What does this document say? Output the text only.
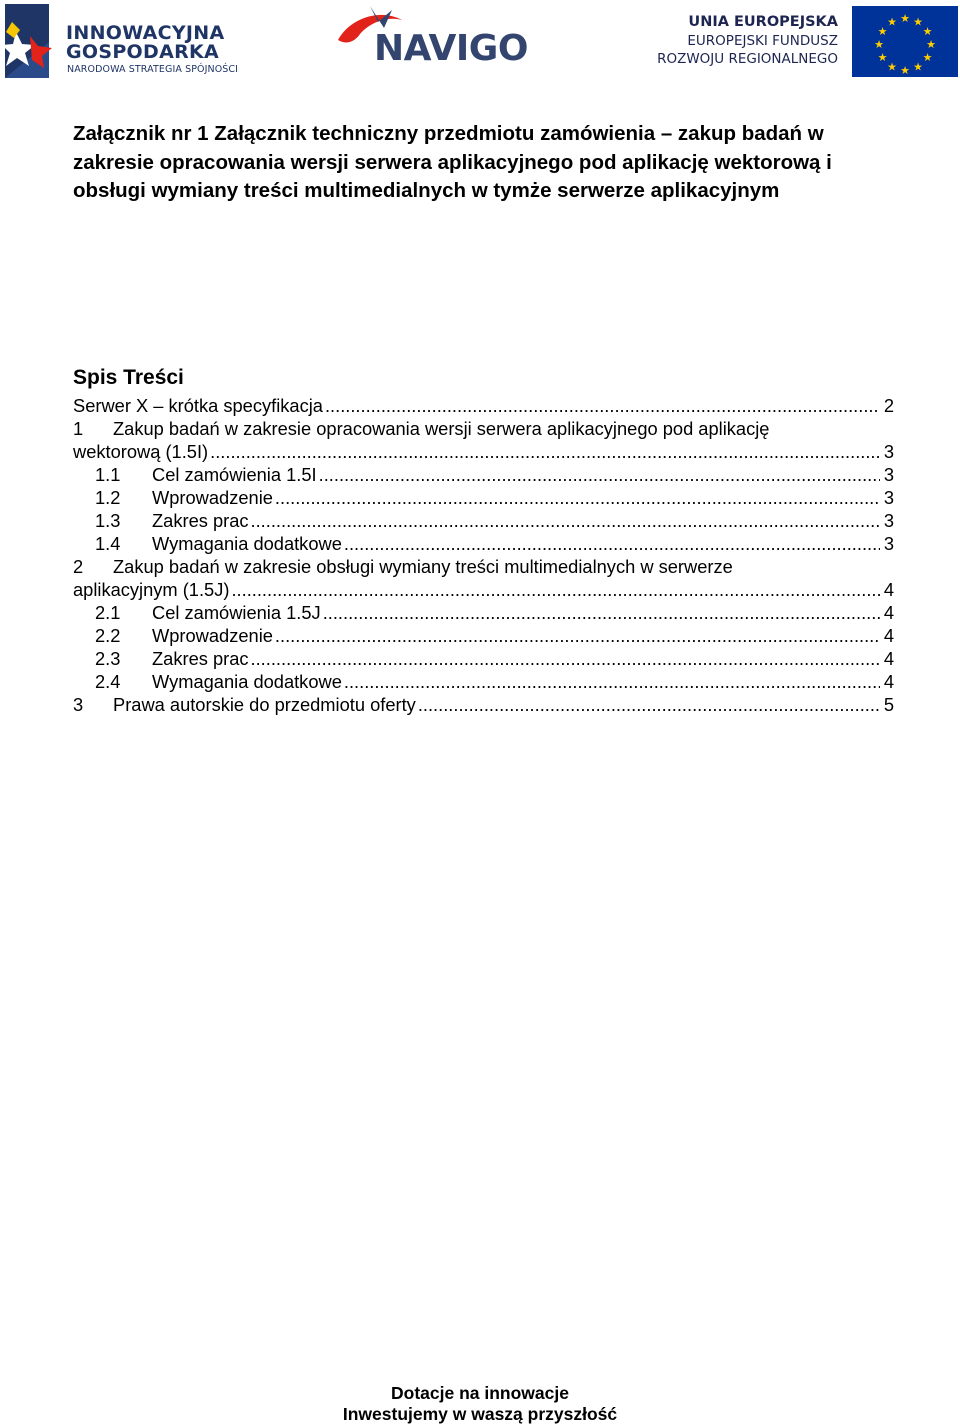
INNOWACYJNA
GOSPODARKA
NARODOWA STRATEGIA SPÓJNOŚCI
NAVIGO
UNIA EUROPEJSKA
EUROPEJSKI FUNDUSZ
ROZWOJU REGIONALNEGO
★ ★
★
★
★
★
★
★
★
★
★
★
Załącznik nr 1 Załącznik techniczny przedmiotu zamówienia – zakup badań w zakresie opracowania wersji serwera aplikacyjnego pod aplikację wektorową i obsługi wymiany treści multimedialnych w tymże serwerze aplikacyjnym
Spis Treści
Serwer X – krótka specyfikacja .....	2
1 Zakup badań w zakresie opracowania wersji serwera aplikacyjnego pod aplikację
wektorową (1.5I) .....	3
1.1	Cel zamówienia 1.5I .....	3
1.2	Wprowadzenie .....	3
1.3	Zakres prac .....	3
1.4	Wymagania dodatkowe .....	3
2 Zakup badań w zakresie obsługi wymiany treści multimedialnych w serwerze
aplikacyjnym (1.5J) .....	4
2.1	Cel zamówienia 1.5J .....	4
2.2	Wprowadzenie .....	4
2.3	Zakres prac .....	4
2.4	Wymagania dodatkowe .....	4
3	Prawa autorskie do przedmiotu oferty .....	5
Dotacje na innowacje
Inwestujemy w waszą przyszłość
